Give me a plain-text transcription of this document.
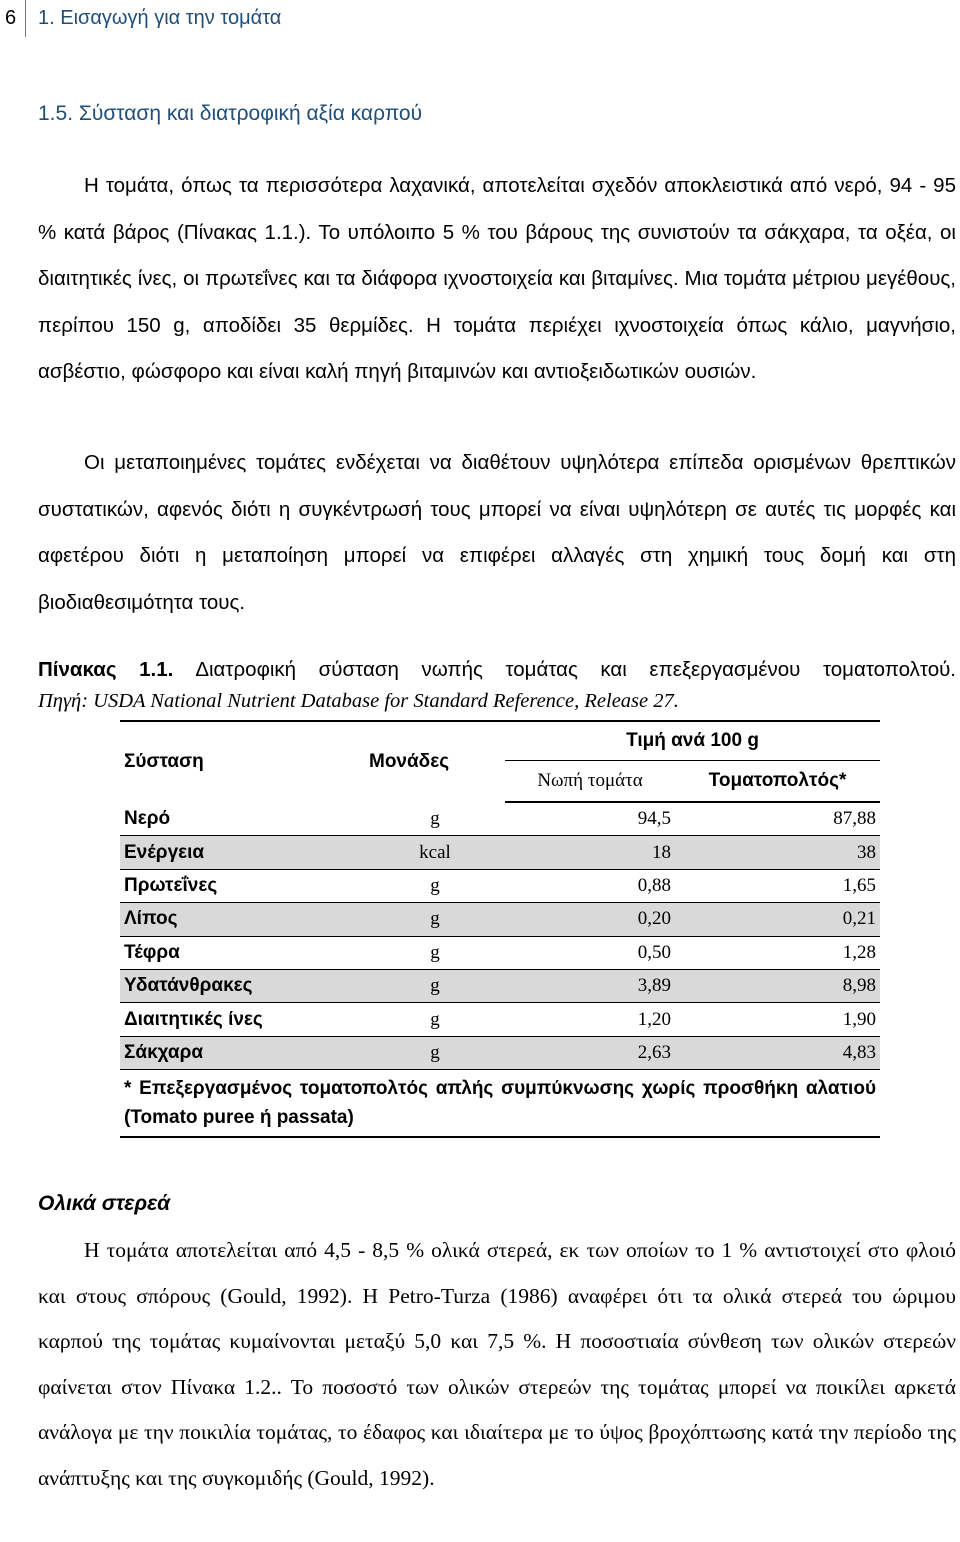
6 1. Εισαγωγή για την τομάτα
1.5. Σύσταση και διατροφική αξία καρπού

Η τομάτα, όπως τα περισσότερα λαχανικά, αποτελείται σχεδόν αποκλειστικά από νερό, 94 - 95 % κατά βάρος (Πίνακας 1.1.). Το υπόλοιπο 5 % του βάρους της συνιστούν τα σάκχαρα, τα οξέα, οι διαιτητικές ίνες, οι πρωτεΐνες και τα διάφορα ιχνοστοιχεία και βιταμίνες. Μια τομάτα μέτριου μεγέθους, περίπου 150 g, αποδίδει 35 θερμίδες. Η τομάτα περιέχει ιχνοστοιχεία όπως κάλιο, μαγνήσιο, ασβέστιο, φώσφορο και είναι καλή πηγή βιταμινών και αντιοξειδωτικών ουσιών.

Οι μεταποιημένες τομάτες ενδέχεται να διαθέτουν υψηλότερα επίπεδα ορισμένων θρεπτικών συστατικών, αφενός διότι η συγκέντρωσή τους μπορεί να είναι υψηλότερη σε αυτές τις μορφές και αφετέρου διότι η μεταποίηση μπορεί να επιφέρει αλλαγές στη χημική τους δομή και στη βιοδιαθεσιμότητα τους.

Πίνακας 1.1. Διατροφική σύσταση νωπής τομάτας και επεξεργασμένου τοματοπολτού.

Πηγή: USDA National Nutrient Database for Standard Reference, Release 27.

Σύσταση	Μονάδες	Τιμή ανά 100 g	
		Νωπή τομάτα	Τοματοπολτός*
Νερό	g	94,5	87,88
Ενέργεια	kcal	18	38
Πρωτεΐνες	g	0,88	1,65
Λίπος	g	0,20	0,21
Τέφρα	g	0,50	1,28
Υδατάνθρακες	g	3,89	8,98
Διαιτητικές ίνες	g	1,20	1,90
Σάκχαρα	g	2,63	4,83
* Επεξεργασμένος τοματοπολτός απλής συμπύκνωσης χωρίς προσθήκη αλατιού (Tomato puree ή passata)			
Ολικά στερεά

Η τομάτα αποτελείται από 4,5 - 8,5 % ολικά στερεά, εκ των οποίων το 1 % αντιστοιχεί στο φλοιό και στους σπόρους (Gould, 1992). Η Petro-Turza (1986) αναφέρει ότι τα ολικά στερεά του ώριμου καρπού της τομάτας κυμαίνονται μεταξύ 5,0 και 7,5 %. Η ποσοστιαία σύνθεση των ολικών στερεών φαίνεται στον Πίνακα 1.2.. Το ποσοστό των ολικών στερεών της τομάτας μπορεί να ποικίλει αρκετά ανάλογα με την ποικιλία τομάτας, το έδαφος και ιδιαίτερα με το ύψος βροχόπτωσης κατά την περίοδο της ανάπτυξης και της συγκομιδής (Gould, 1992).
